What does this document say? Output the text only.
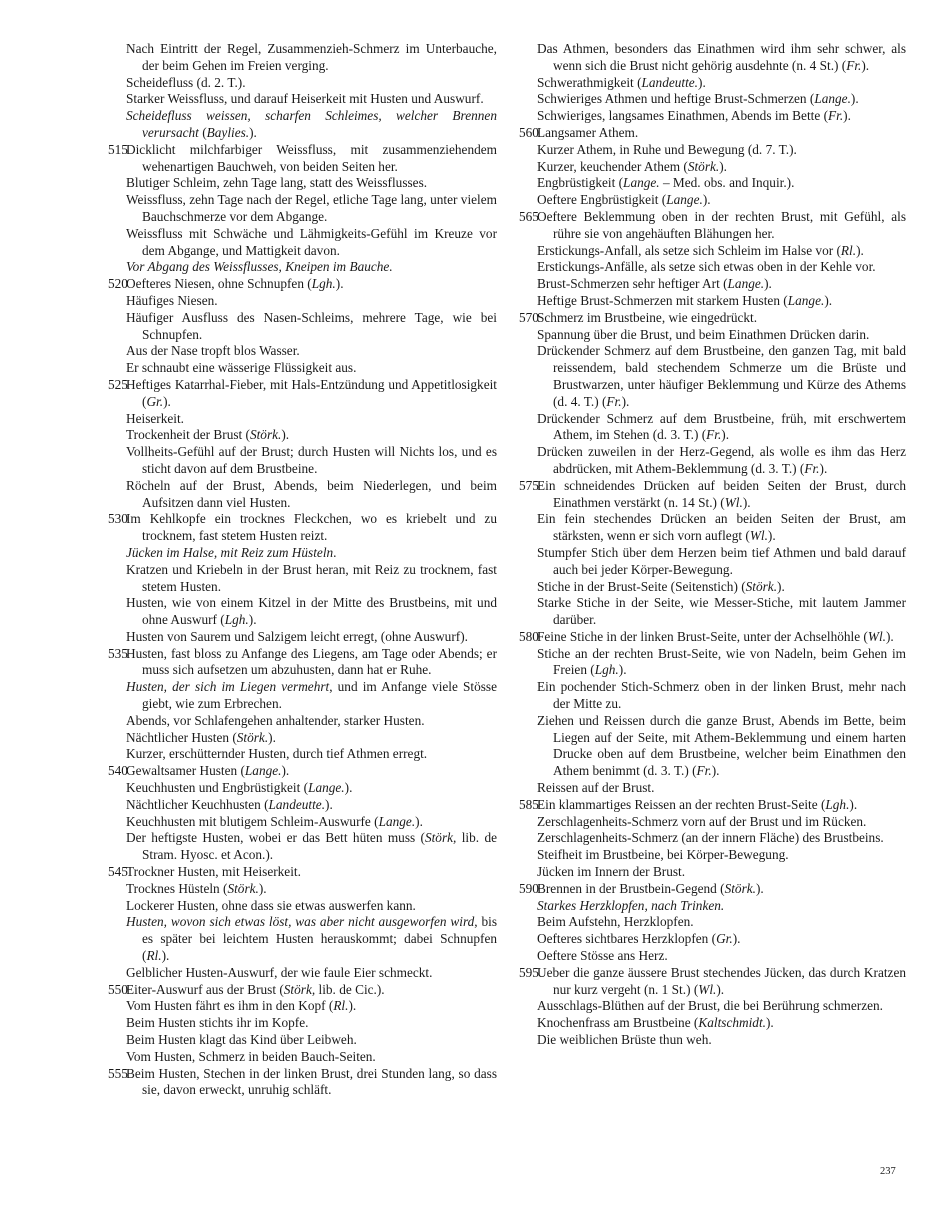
Nach Eintritt der Regel, Zusammenzieh-Schmerz im Unterbauche, der beim Gehen im Freien verging.
Scheidefluss (d. 2. T.).
Starker Weissfluss, und darauf Heiserkeit mit Husten und Auswurf.
Scheidefluss weissen, scharfen Schleimes, welcher Brennen verursacht (Baylies.).
515
Dicklicht milchfarbiger Weissfluss, mit zusammenziehendem wehenartigen Bauchweh, von beiden Seiten her.
Blutiger Schleim, zehn Tage lang, statt des Weissflusses.
Weissfluss, zehn Tage nach der Regel, etliche Tage lang, unter vielem Bauchschmerze vor dem Abgange.
Weissfluss mit Schwäche und Lähmigkeits-Gefühl im Kreuze vor dem Abgange, und Mattigkeit davon.
Vor Abgang des Weissflusses, Kneipen im Bauche.
520
Oefteres Niesen, ohne Schnupfen (Lgh.).
Häufiges Niesen.
Häufiger Ausfluss des Nasen-Schleims, mehrere Tage, wie bei Schnupfen.
Aus der Nase tropft blos Wasser.
Er schnaubt eine wässerige Flüssigkeit aus.
525
Heftiges Katarrhal-Fieber, mit Hals-Entzündung und Appetitlosigkeit (Gr.).
Heiserkeit.
Trockenheit der Brust (Störk.).
Vollheits-Gefühl auf der Brust; durch Husten will Nichts los, und es sticht davon auf dem Brustbeine.
Röcheln auf der Brust, Abends, beim Niederlegen, und beim Aufsitzen dann viel Husten.
530
Im Kehlkopfe ein trocknes Fleckchen, wo es kriebelt und zu trocknem, fast stetem Husten reizt.
Jücken im Halse, mit Reiz zum Hüsteln.
Kratzen und Kriebeln in der Brust heran, mit Reiz zu trocknem, fast stetem Husten.
Husten, wie von einem Kitzel in der Mitte des Brustbeins, mit und ohne Auswurf (Lgh.).
Husten von Saurem und Salzigem leicht erregt, (ohne Auswurf).
535
Husten, fast bloss zu Anfange des Liegens, am Tage oder Abends; er muss sich aufsetzen um abzuhusten, dann hat er Ruhe.
Husten, der sich im Liegen vermehrt, und im Anfange viele Stösse giebt, wie zum Erbrechen.
Abends, vor Schlafengehen anhaltender, starker Husten.
Nächtlicher Husten (Störk.).
Kurzer, erschütternder Husten, durch tief Athmen erregt.
540
Gewaltsamer Husten (Lange.).
Keuchhusten und Engbrüstigkeit (Lange.).
Nächtlicher Keuchhusten (Landeutte.).
Keuchhusten mit blutigem Schleim-Auswurfe (Lange.).
Der heftigste Husten, wobei er das Bett hüten muss (Störk, lib. de Stram. Hyosc. et Acon.).
545
Trockner Husten, mit Heiserkeit.
Trocknes Hüsteln (Störk.).
Lockerer Husten, ohne dass sie etwas auswerfen kann.
Husten, wovon sich etwas löst, was aber nicht ausgeworfen wird, bis es später bei leichtem Husten herauskommt; dabei Schnupfen (Rl.).
Gelblicher Husten-Auswurf, der wie faule Eier schmeckt.
550
Eiter-Auswurf aus der Brust (Störk, lib. de Cic.).
Vom Husten fährt es ihm in den Kopf (Rl.).
Beim Husten stichts ihr im Kopfe.
Beim Husten klagt das Kind über Leibweh.
Vom Husten, Schmerz in beiden Bauch-Seiten.
555
Beim Husten, Stechen in der linken Brust, drei Stunden lang, so dass sie, davon erweckt, unruhig schläft.
Das Athmen, besonders das Einathmen wird ihm sehr schwer, als wenn sich die Brust nicht gehörig ausdehnte (n. 4 St.) (Fr.).
Schwerathmigkeit (Landeutte.).
Schwieriges Athmen und heftige Brust-Schmerzen (Lange.).
Schwieriges, langsames Einathmen, Abends im Bette (Fr.).
560
Langsamer Athem.
Kurzer Athem, in Ruhe und Bewegung (d. 7. T.).
Kurzer, keuchender Athem (Störk.).
Engbrüstigkeit (Lange. – Med. obs. and Inquir.).
Oeftere Engbrüstigkeit (Lange.).
565
Oeftere Beklemmung oben in der rechten Brust, mit Gefühl, als rühre sie von angehäuften Blähungen her.
Erstickungs-Anfall, als setze sich Schleim im Halse vor (Rl.).
Erstickungs-Anfälle, als setze sich etwas oben in der Kehle vor.
Brust-Schmerzen sehr heftiger Art (Lange.).
Heftige Brust-Schmerzen mit starkem Husten (Lange.).
570
Schmerz im Brustbeine, wie eingedrückt.
Spannung über die Brust, und beim Einathmen Drücken darin.
Drückender Schmerz auf dem Brustbeine, den ganzen Tag, mit bald reissendem, bald stechendem Schmerze um die Brüste und Brustwarzen, unter häufiger Beklemmung und Kürze des Athems (d. 4. T.) (Fr.).
Drückender Schmerz auf dem Brustbeine, früh, mit erschwertem Athem, im Stehen (d. 3. T.) (Fr.).
Drücken zuweilen in der Herz-Gegend, als wolle es ihm das Herz abdrücken, mit Athem-Beklemmung (d. 3. T.) (Fr.).
575
Ein schneidendes Drücken auf beiden Seiten der Brust, durch Einathmen verstärkt (n. 14 St.) (Wl.).
Ein fein stechendes Drücken an beiden Seiten der Brust, am stärksten, wenn er sich vorn auflegt (Wl.).
Stumpfer Stich über dem Herzen beim tief Athmen und bald darauf auch bei jeder Körper-Bewegung.
Stiche in der Brust-Seite (Seitenstich) (Störk.).
Starke Stiche in der Seite, wie Messer-Stiche, mit lautem Jammer darüber.
580
Feine Stiche in der linken Brust-Seite, unter der Achselhöhle (Wl.).
Stiche an der rechten Brust-Seite, wie von Nadeln, beim Gehen im Freien (Lgh.).
Ein pochender Stich-Schmerz oben in der linken Brust, mehr nach der Mitte zu.
Ziehen und Reissen durch die ganze Brust, Abends im Bette, beim Liegen auf der Seite, mit Athem-Beklemmung und einem harten Drucke oben auf dem Brustbeine, welcher beim Einathmen den Athem benimmt (d. 3. T.) (Fr.).
Reissen auf der Brust.
585
Ein klammartiges Reissen an der rechten Brust-Seite (Lgh.).
Zerschlagenheits-Schmerz vorn auf der Brust und im Rücken.
Zerschlagenheits-Schmerz (an der innern Fläche) des Brustbeins.
Steifheit im Brustbeine, bei Körper-Bewegung.
Jücken im Innern der Brust.
590
Brennen in der Brustbein-Gegend (Störk.).
Starkes Herzklopfen, nach Trinken.
Beim Aufstehn, Herzklopfen.
Oefteres sichtbares Herzklopfen (Gr.).
Oeftere Stösse ans Herz.
595
Ueber die ganze äussere Brust stechendes Jücken, das durch Kratzen nur kurz vergeht (n. 1 St.) (Wl.).
Ausschlags-Blüthen auf der Brust, die bei Berührung schmerzen.
Knochenfrass am Brustbeine (Kaltschmidt.).
Die weiblichen Brüste thun weh.
237
